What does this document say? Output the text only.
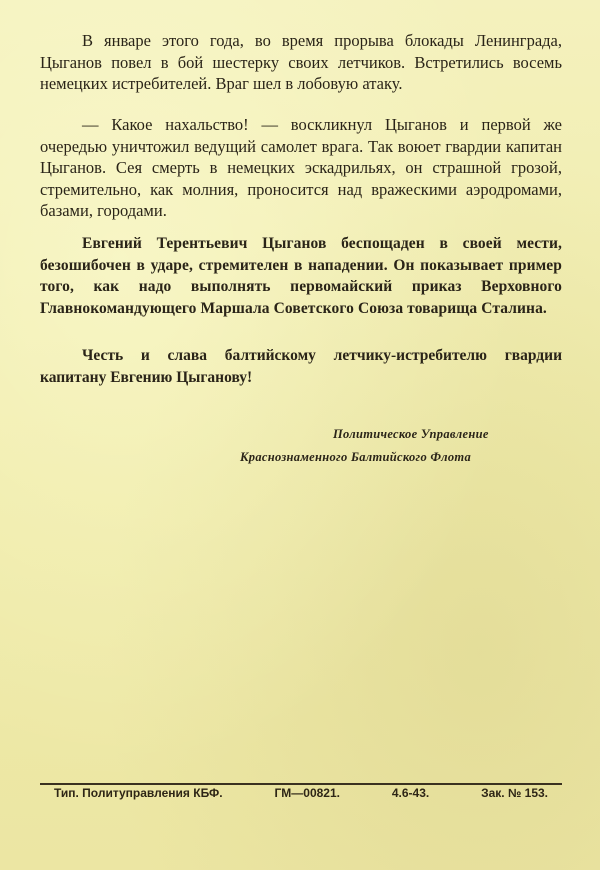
В январе этого года, во время прорыва блокады Ленинграда, Цыганов повел в бой шестерку своих летчиков. Встретились восемь немецких истребителей. Враг шел в лобовую атаку.

— Какое нахальство! — воскликнул Цыганов и первой же очередью уничтожил ведущий самолет врага. Так воюет гвардии капитан Цыганов. Сея смерть в немецких эскадрильях, он страшной грозой, стремительно, как молния, проносится над вражескими аэродромами, базами, городами.

Евгений Терентьевич Цыганов беспощаден в своей мести, безошибочен в ударе, стремителен в нападении. Он показывает пример того, как надо выполнять первомайский приказ Верховного Главнокомандующего Маршала Советского Союза товарища Сталина.

Честь и слава балтийскому летчику-истребителю гвардии капитану Евгению Цыганову!

Политическое Управление

Краснознаменного Балтийского Флота

Тип. Политуправления КБФ.	ГМ—00821.	4.6-43.	Зак. № 153.
